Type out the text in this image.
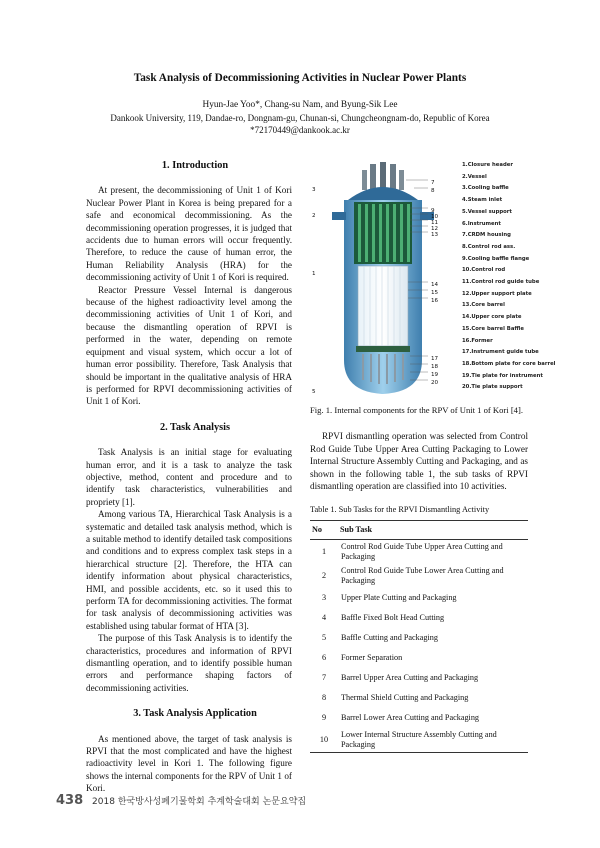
Task Analysis of Decommissioning Activities in Nuclear Power Plants
Hyun-Jae Yoo*, Chang-su Nam, and Byung-Sik Lee
Dankook University, 119, Dandae-ro, Dongnam-gu, Chunan-si, Chungcheongnam-do, Republic of Korea
*72170449@dankook.ac.kr

1. Introduction

At present, the decommissioning of Unit 1 of Kori Nuclear Power Plant in Korea is being prepared for a safe and economical decommissioning. As the decommissioning operation progresses, it is judged that accidents due to human errors will occur frequently. Therefore, to reduce the cause of human error, the Human Reliability Analysis (HRA) for the decommissioning activity of Unit 1 of Kori is required.

Reactor Pressure Vessel Internal is dangerous because of the highest radioactivity level among the decommissioning activities of Unit 1 of Kori, and because the dismantling operation of RPVI is performed in the water, depending on remote equipment and visual system, which occur a lot of human error possibility. Therefore, Task Analysis that should be important in the qualitative analysis of HRA is performed for RPVI decommissioning activities of Unit 1 of Kori.

2. Task Analysis

Task Analysis is an initial stage for evaluating human error, and it is a task to analyze the task objective, method, content and procedure and to identify task characteristics, vulnerabilities and propriety [1].

Among various TA, Hierarchical Task Analysis is a systematic and detailed task analysis method, which is a suitable method to identify detailed task compositions and conditions and to express complex task steps in a hierarchical structure [2]. Therefore, the HTA can identify information about physical characteristics, HMI, and possible accidents, etc. so it used this to perform TA for decommissioning activities. The format for task analysis of decommissioning activities was established using tabular format of HTA [3].

The purpose of this Task Analysis is to identify the characteristics, procedures and information of RPVI dismantling operation, and to identify possible human errors and performance shaping factors of decommissioning activities.

3. Task Analysis Application

As mentioned above, the target of task analysis is RPVI that the most complicated and have the highest radioactivity level in Kori 1. The following figure shows the internal components for the RPV of Unit 1 of Kori.

3
2
1
5
7
8
9
10
11
12
13
14
15
16
17
18
19
20
1.Closure header
2.Vessel
3.Cooling baffle
4.Steam inlet
5.Vessel support
6.Instrument
7.CRDM housing
8.Control rod ass.
9.Cooling baffle flange
10.Control rod
11.Control rod guide tube
12.Upper support plate
13.Core barrel
14.Upper core plate
15.Core barrel Baffle
16.Former
17.Instrument guide tube
18.Bottom plate for core barrel
19.Tie plate for instrument
20.Tie plate support
Fig. 1. Internal components for the RPV of Unit 1 of Kori [4].

RPVI dismantling operation was selected from Control Rod Guide Tube Upper Area Cutting Packaging to Lower Internal Structure Assembly Cutting and Packaging, and as shown in the following table 1, the sub tasks of RPVI dismantling operation are classified into 10 activities.

Table 1. Sub Tasks for the RPVI Dismantling Activity
No	Sub Task
1	Control Rod Guide Tube Upper Area Cutting and Packaging
2	Control Rod Guide Tube Lower Area Cutting and Packaging
3	Upper Plate Cutting and Packaging
4	Baffle Fixed Bolt Head Cutting
5	Baffle Cutting and Packaging
6	Former Separation
7	Barrel Upper Area Cutting and Packaging
8	Thermal Shield Cutting and Packaging
9	Barrel Lower Area Cutting and Packaging
10	Lower Internal Structure Assembly Cutting and Packaging
438 2018 한국방사성폐기물학회 추계학술대회 논문요약집
